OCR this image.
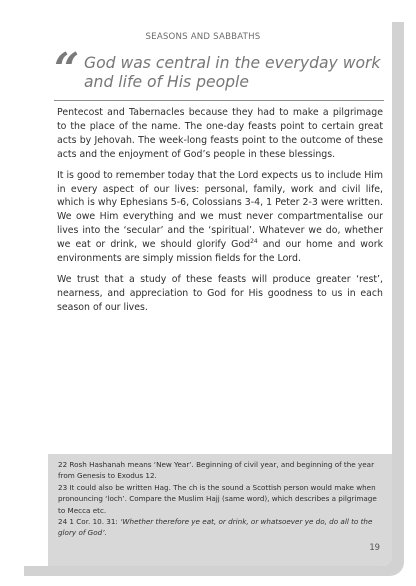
SEASONS AND SABBATHS
“ God was central in the everyday work and life of His people

Pentecost and Tabernacles because they had to make a pilgrimage to the place of the name. The one-day feasts point to certain great acts by Jehovah. The week-long feasts point to the outcome of these acts and the enjoyment of God’s people in these blessings.

It is good to remember today that the Lord expects us to include Him in every aspect of our lives: personal, family, work and civil life, which is why Ephesians 5-6, Colossians 3-4, 1 Peter 2-3 were written. We owe Him everything and we must never compartmentalise our lives into the ‘secular’ and the ‘spiritual’. Whatever we do, whether we eat or drink, we should glorify God$^{24}$ and our home and work environments are simply mission fields for the Lord.

We trust that a study of these feasts will produce greater ‘rest’, nearness, and appreciation to God for His goodness to us in each season of our lives.

22 Rosh Hashanah means ‘New Year’. Beginning of civil year, and beginning of the year from Genesis to Exodus 12.

23 It could also be written Hag. The ch is the sound a Scottish person would make when pronouncing ‘loch’. Compare the Muslim Hajj (same word), which describes a pilgrimage to Mecca etc.

24 1 Cor. 10. 31: ‘Whether therefore ye eat, or drink, or whatsoever ye do, do all to the glory of God’.

19
